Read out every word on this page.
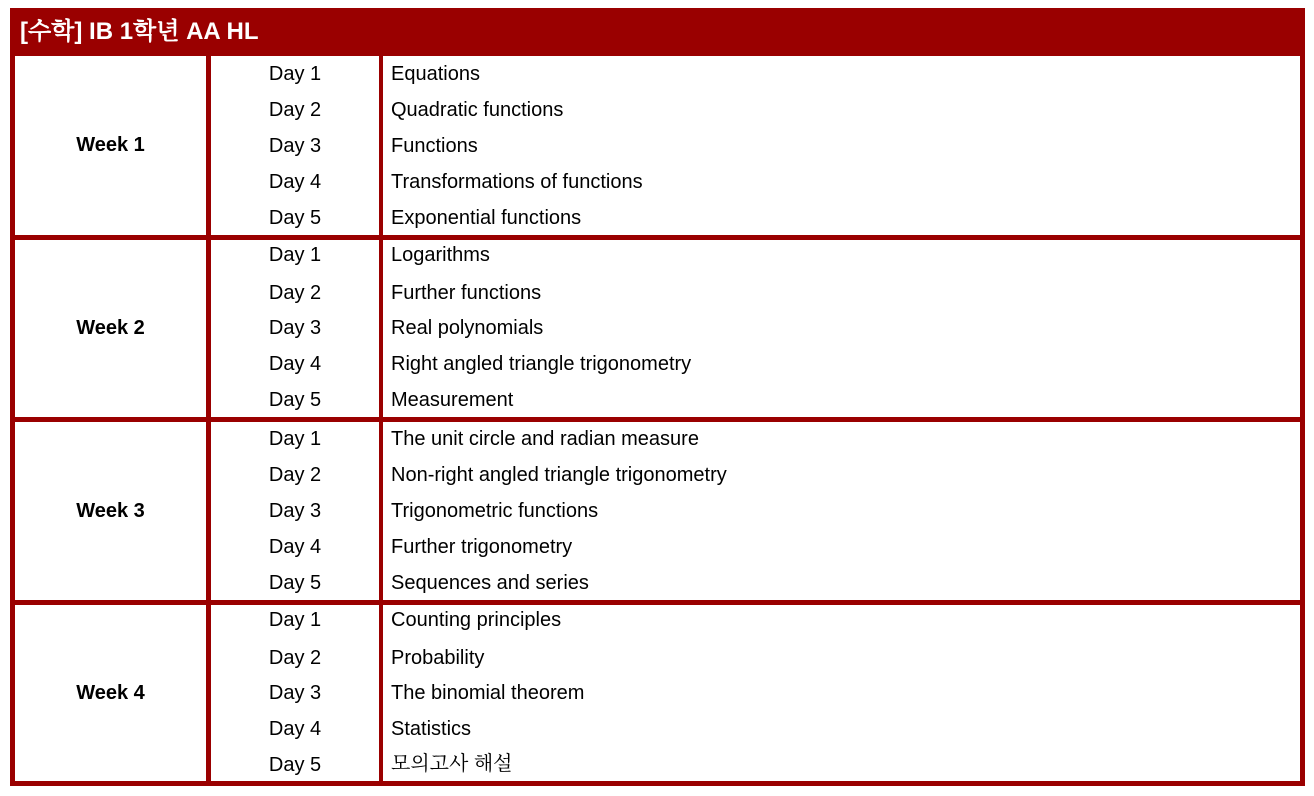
[수학] IB 1학년 AA HL
Week 1
Day 1
Day 2
Day 3
Day 4
Day 5
Equations
Quadratic functions
Functions
Transformations of functions
Exponential functions
Week 2
Day 1
Day 2
Day 3
Day 4
Day 5
Logarithms
Further functions
Real polynomials
Right angled triangle trigonometry
Measurement
Week 3
Day 1
Day 2
Day 3
Day 4
Day 5
The unit circle and radian measure
Non-right angled triangle trigonometry
Trigonometric functions
Further trigonometry
Sequences and series
Week 4
Day 1
Day 2
Day 3
Day 4
Day 5
Counting principles
Probability
The binomial theorem
Statistics
모의고사 해설
